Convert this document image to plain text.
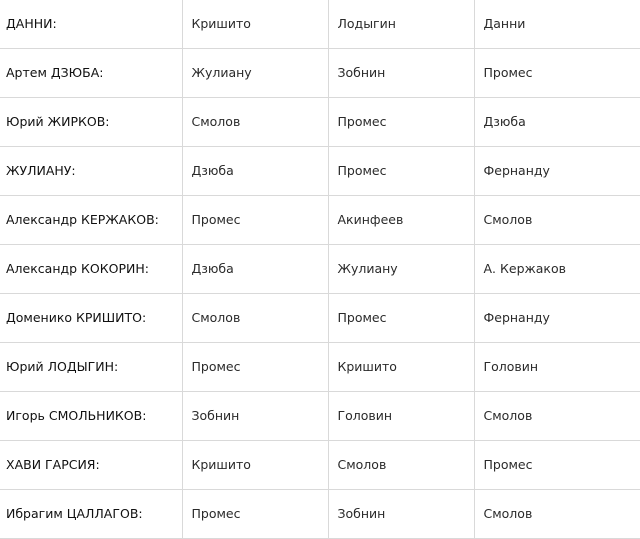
ДАННИ:	Кришито	Лодыгин	Данни
Артем ДЗЮБА:	Жулиану	Зобнин	Промес
Юрий ЖИРКОВ:	Смолов	Промес	Дзюба
ЖУЛИАНУ:	Дзюба	Промес	Фернанду
Александр КЕРЖАКОВ:	Промес	Акинфеев	Смолов
Александр КОКОРИН:	Дзюба	Жулиану	А. Кержаков
Доменико КРИШИТО:	Смолов	Промес	Фернанду
Юрий ЛОДЫГИН:	Промес	Кришито	Головин
Игорь СМОЛЬНИКОВ:	Зобнин	Головин	Смолов
ХАВИ ГАРСИЯ:	Кришито	Смолов	Промес
Ибрагим ЦАЛЛАГОВ:	Промес	Зобнин	Смолов
